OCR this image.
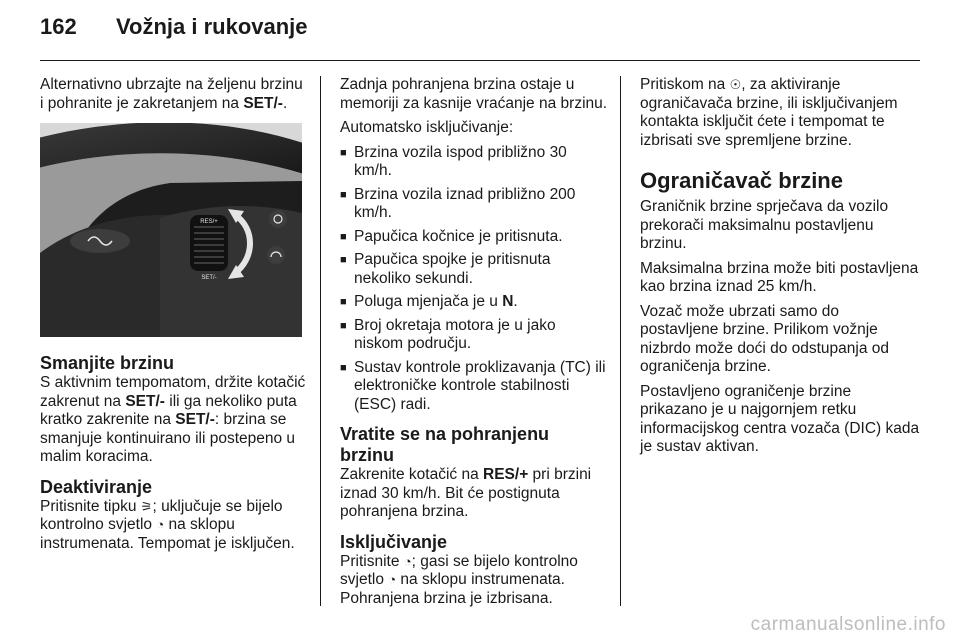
162 Vožnja i rukovanje

Alternativno ubrzajte na željenu brzinu i pohranite je zakretanjem na SET/-.

RES/+
SET/-
Smanjite brzinu

S aktivnim tempomatom, držite kotačić zakrenut na SET/- ili ga nekoliko puta kratko zakrenite na SET/-: brzina se smanjuje kontinuirano ili postepeno u malim koracima.

Deaktiviranje

Pritisnite tipku ⚞; uključuje se bijelo kontrolno svjetlo ◔ na sklopu instrumenata. Tempomat je isključen.

Zadnja pohranjena brzina ostaje u memoriji za kasnije vraćanje na brzinu.

Automatsko isključivanje:

■ Brzina vozila ispod približno 30 km/h.
■ Brzina vozila iznad približno 200 km/h.
■ Papučica kočnice je pritisnuta.
■ Papučica spojke je pritisnuta nekoliko sekundi.
■ Poluga mjenjača je u N.
■ Broj okretaja motora je u jako niskom području.
■ Sustav kontrole proklizavanja (TC) ili elektroničke kontrole stabilnosti (ESC) radi.
Vratite se na pohranjenu brzinu

Zakrenite kotačić na RES/+ pri brzini iznad 30 km/h. Bit će postignuta pohranjena brzina.

Isključivanje

Pritisnite ◔; gasi se bijelo kontrolno svjetlo ◔ na sklopu instrumenata. Pohranjena brzina je izbrisana.

Pritiskom na ☉, za aktiviranje ograničavača brzine, ili isključivanjem kontakta isključit ćete i tempomat te izbrisati sve spremljene brzine.

Ograničavač brzine

Graničnik brzine sprječava da vozilo prekorači maksimalnu postavljenu brzinu.

Maksimalna brzina može biti postavljena kao brzina iznad 25 km/h.

Vozač može ubrzati samo do postavljene brzine. Prilikom vožnje nizbrdo može doći do odstupanja od ograničenja brzine.

Postavljeno ograničenje brzine prikazano je u najgornjem retku informacijskog centra vozača (DIC) kada je sustav aktivan.

carmanualsonline.info
